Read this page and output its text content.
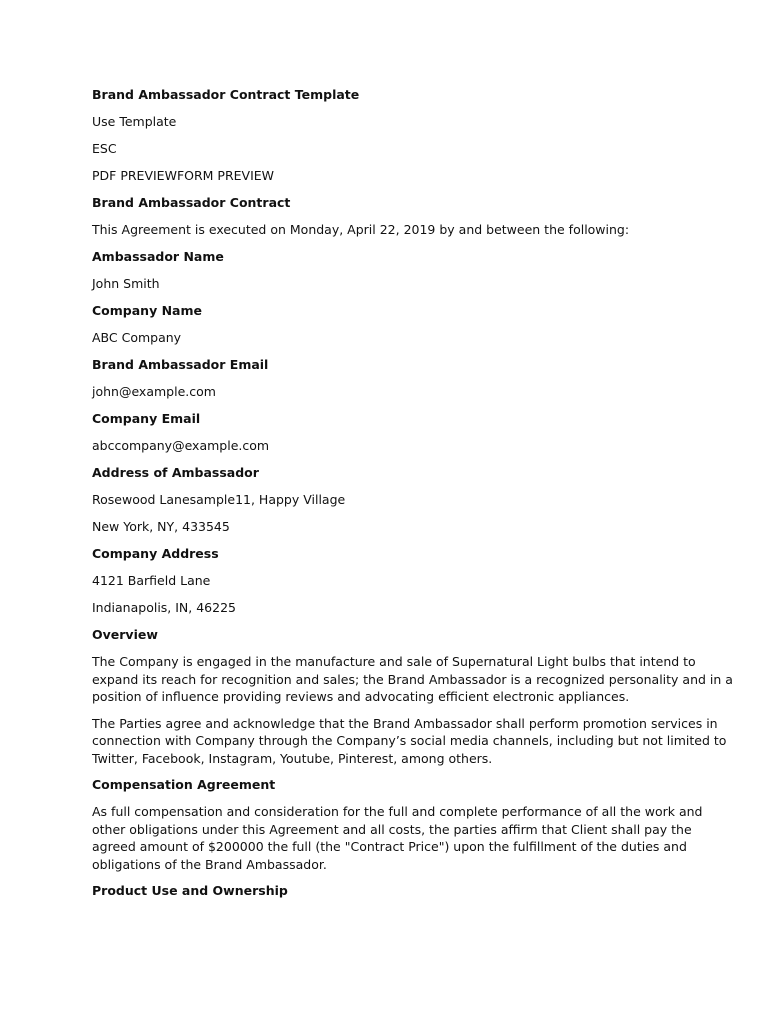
Brand Ambassador Contract Template
Use Template
ESC
PDF PREVIEWFORM PREVIEW
Brand Ambassador Contract
This Agreement is executed on Monday, April 22, 2019 by and between the following:
Ambassador Name
John Smith
Company Name
ABC Company
Brand Ambassador Email
john@example.com
Company Email
abccompany@example.com
Address of Ambassador
Rosewood Lanesample11, Happy Village
New York, NY, 433545
Company Address
4121 Barfield Lane
Indianapolis, IN, 46225
Overview
The Company is engaged in the manufacture and sale of Supernatural Light bulbs that intend to
expand its reach for recognition and sales; the Brand Ambassador is a recognized personality and in a
position of influence providing reviews and advocating efficient electronic appliances.
The Parties agree and acknowledge that the Brand Ambassador shall perform promotion services in
connection with Company through the Company’s social media channels, including but not limited to
Twitter, Facebook, Instagram, Youtube, Pinterest, among others.
Compensation Agreement
As full compensation and consideration for the full and complete performance of all the work and
other obligations under this Agreement and all costs, the parties affirm that Client shall pay the
agreed amount of $200000 the full (the "Contract Price") upon the fulfillment of the duties and
obligations of the Brand Ambassador.
Product Use and Ownership
